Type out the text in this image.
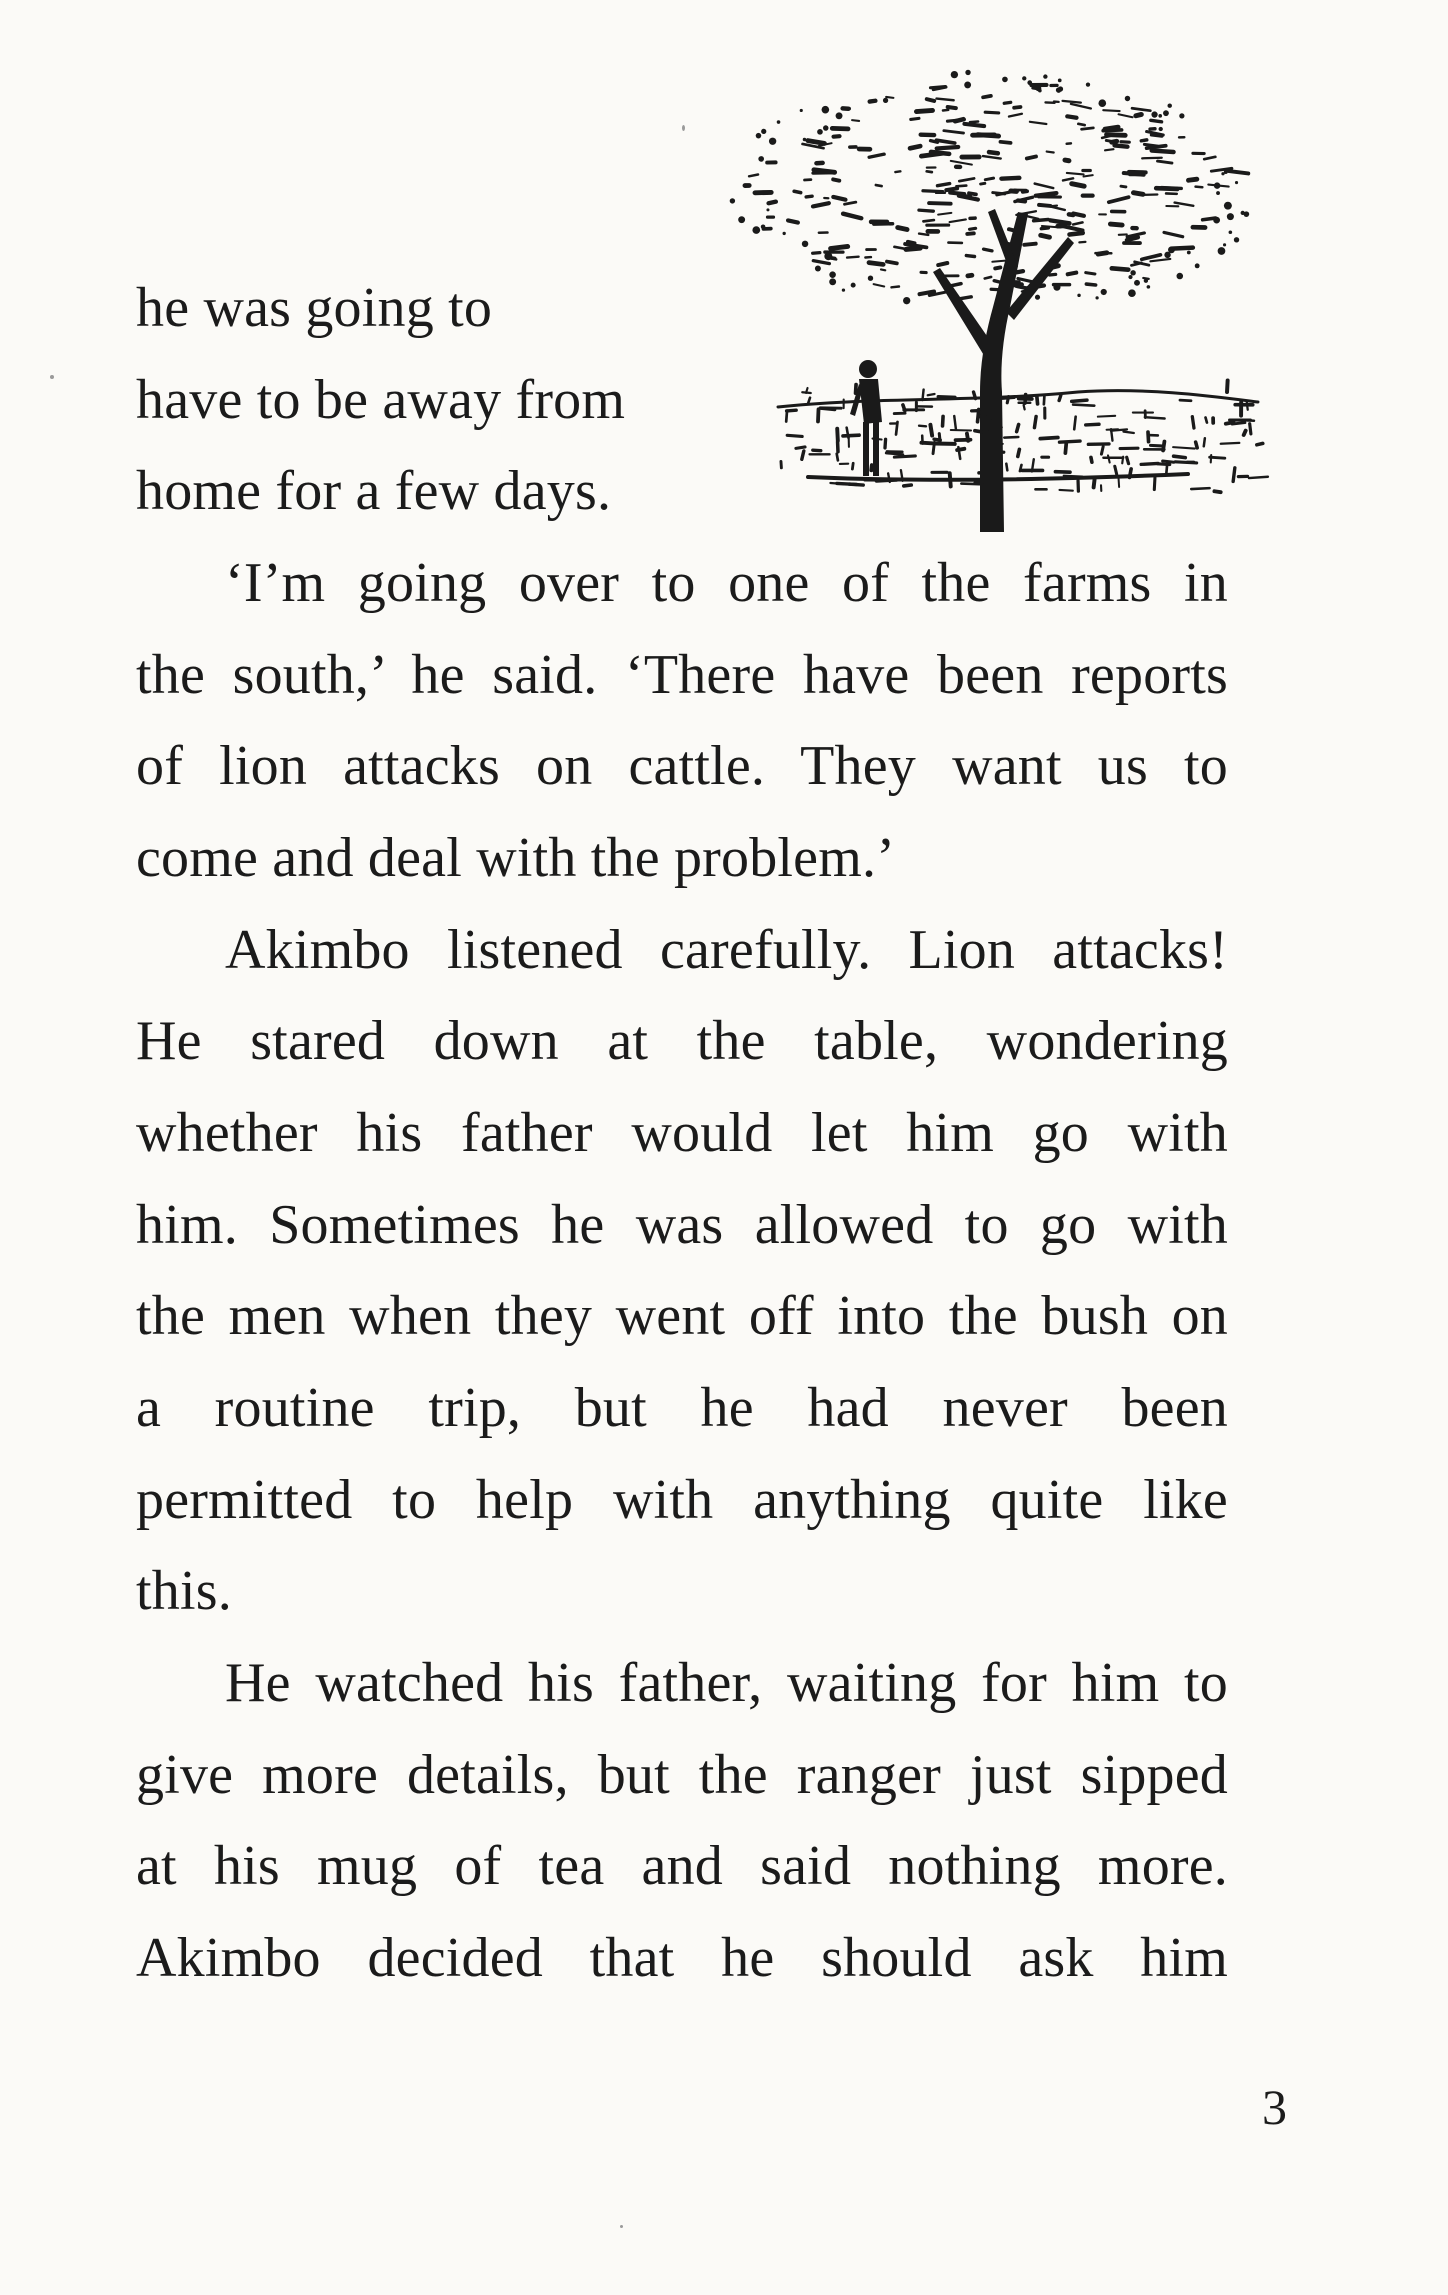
he was going to
have to be away from
home for a few days.
‘I’m going over to one of the farms in
the south,’ he said. ‘There have been reports
of lion attacks on cattle. They want us to
come and deal with the problem.’
Akimbo listened carefully. Lion attacks!
He stared down at the table, wondering
whether his father would let him go with
him. Sometimes he was allowed to go with
the men when they went off into the bush on
a routine trip, but he had never been
permitted to help with anything quite like
this.
He watched his father, waiting for him to
give more details, but the ranger just sipped
at his mug of tea and said nothing more.
Akimbo decided that he should ask him
3
